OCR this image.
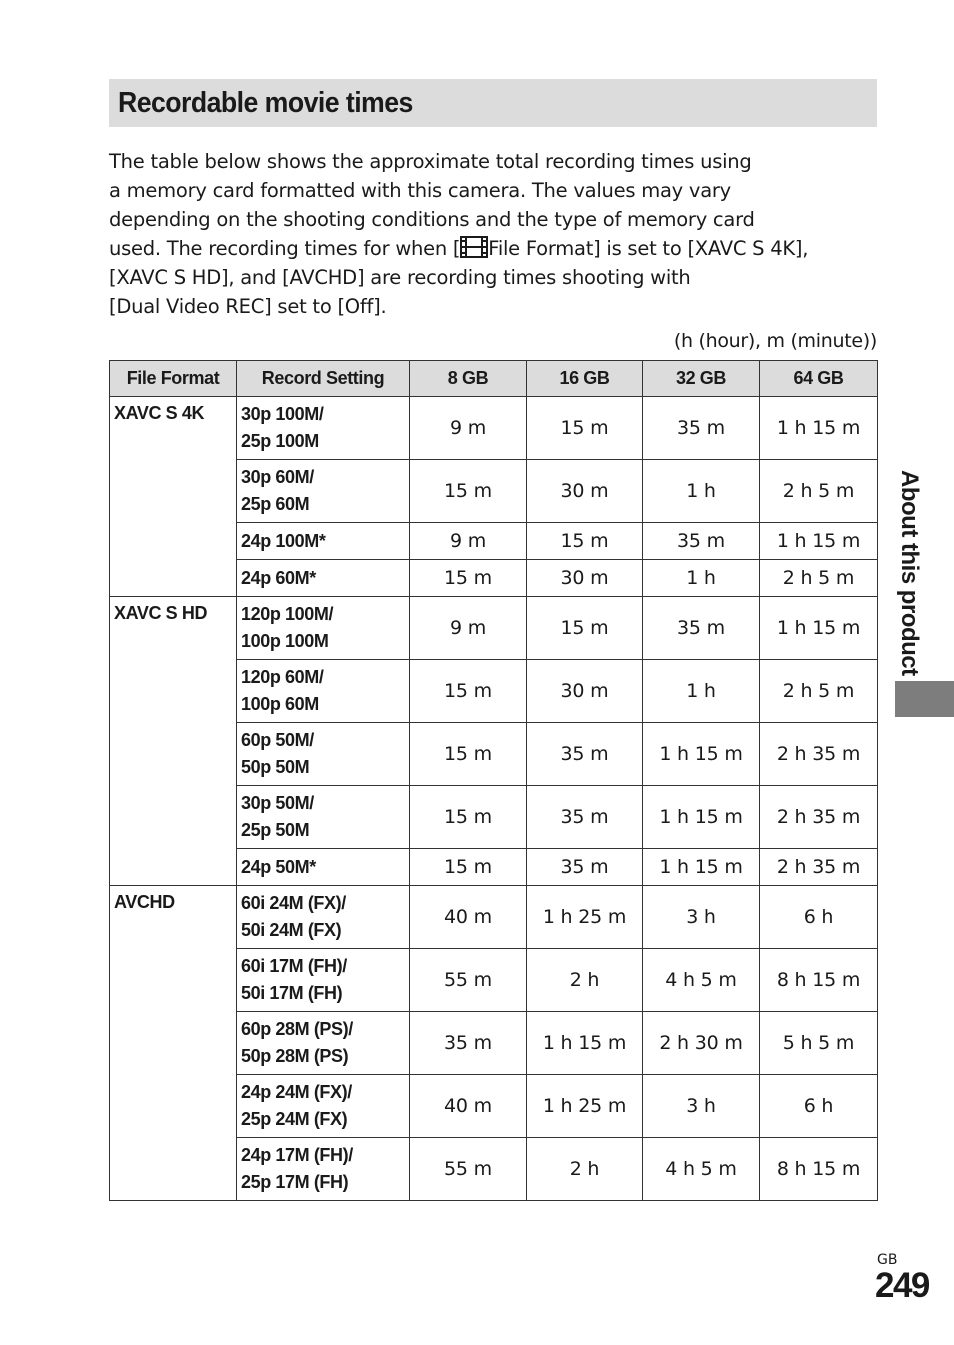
Recordable movie times
The table below shows the approximate total recording times using
a memory card formatted with this camera. The values may vary
depending on the shooting conditions and the type of memory card
used. The recording times for when [ File Format] is set to [XAVC S 4K],
[XAVC S HD], and [AVCHD] are recording times shooting with
[Dual Video REC] set to [Off].
(h (hour), m (minute))
File Format	Record Setting	8 GB	16 GB	32 GB	64 GB
XAVC S 4K	30p 100M/
25p 100M	9 m	15 m	35 m	1 h 15 m

	30p 60M/
25p 60M	15 m	30 m	1 h	2 h 5 m

	24p 100M*	9 m	15 m	35 m	1 h 15 m

	24p 60M*	15 m	30 m	1 h	2 h 5 m
XAVC S HD	120p 100M/
100p 100M	9 m	15 m	35 m	1 h 15 m

	120p 60M/
100p 60M	15 m	30 m	1 h	2 h 5 m

	60p 50M/
50p 50M	15 m	35 m	1 h 15 m	2 h 35 m

	30p 50M/
25p 50M	15 m	35 m	1 h 15 m	2 h 35 m

	24p 50M*	15 m	35 m	1 h 15 m	2 h 35 m
AVCHD	60i 24M (FX)/
50i 24M (FX)	40 m	1 h 25 m	3 h	6 h

	60i 17M (FH)/
50i 17M (FH)	55 m	2 h	4 h 5 m	8 h 15 m

	60p 28M (PS)/
50p 28M (PS)	35 m	1 h 15 m	2 h 30 m	5 h 5 m

	24p 24M (FX)/
25p 24M (FX)	40 m	1 h 25 m	3 h	6 h

	24p 17M (FH)/
25p 17M (FH)	55 m	2 h	4 h 5 m	8 h 15 m
About this product
GB
249
